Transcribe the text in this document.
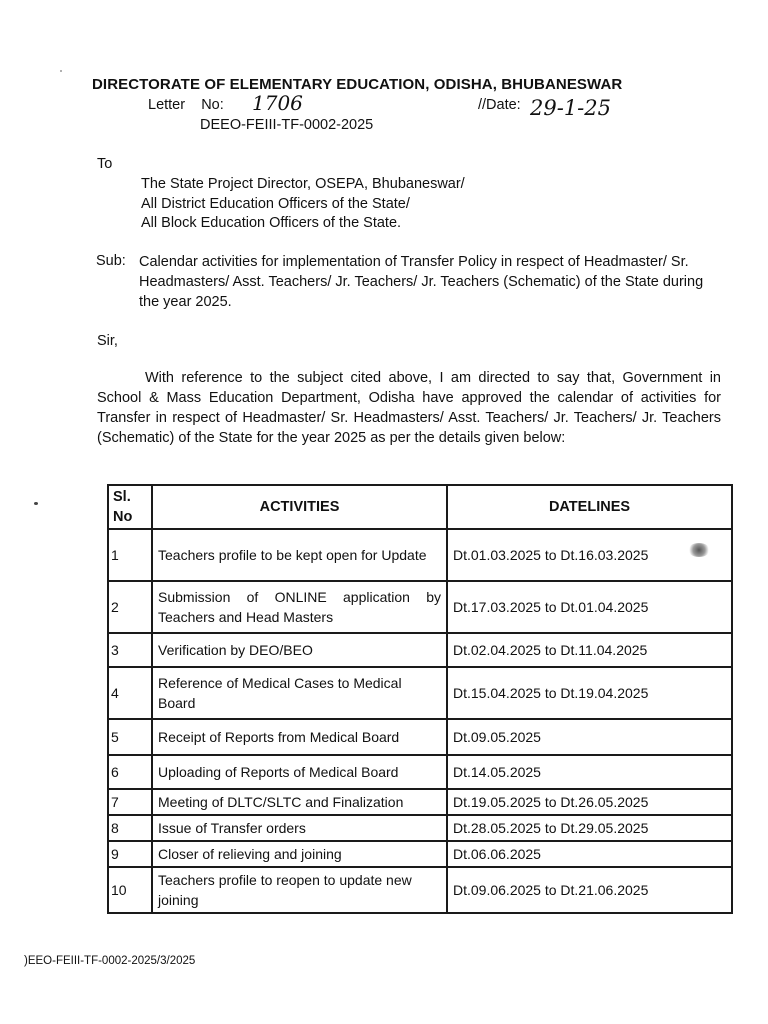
DIRECTORATE OF ELEMENTARY EDUCATION, ODISHA, BHUBANESWAR
Letter    No: 1706	//Date: 29-1-25
DEEO-FEIII-TF-0002-2025
To
The State Project Director, OSEPA, Bhubaneswar/
All District Education Officers of the State/
All Block Education Officers of the State.
Sub: Calendar activities for implementation of Transfer Policy in respect of Headmaster/ Sr. Headmasters/ Asst. Teachers/ Jr. Teachers/ Jr. Teachers (Schematic) of the State during the year 2025.
Sir,
With reference to the subject cited above, I am directed to say that, Government in School & Mass Education Department, Odisha have approved the calendar of activities for Transfer in respect of Headmaster/ Sr. Headmasters/ Asst. Teachers/ Jr. Teachers/ Jr. Teachers (Schematic) of the State for the year 2025 as per the details given below:
Sl. No	ACTIVITIES	DATELINES
1	Teachers profile to be kept open for Update	Dt.01.03.2025 to Dt.16.03.2025
2	Submission of ONLINE application by Teachers and Head Masters	Dt.17.03.2025 to Dt.01.04.2025
3	Verification by DEO/BEO	Dt.02.04.2025 to Dt.11.04.2025
4	Reference of Medical Cases to Medical Board	Dt.15.04.2025 to Dt.19.04.2025
5	Receipt of Reports from Medical Board	Dt.09.05.2025
6	Uploading of Reports of Medical Board	Dt.14.05.2025
7	Meeting of DLTC/SLTC and Finalization	Dt.19.05.2025 to Dt.26.05.2025
8	Issue of Transfer orders	Dt.28.05.2025 to Dt.29.05.2025
9	Closer of relieving and joining	Dt.06.06.2025
10	Teachers profile to reopen to update new joining	Dt.09.06.2025 to Dt.21.06.2025
)EEO-FEIII-TF-0002-2025/3/2025
